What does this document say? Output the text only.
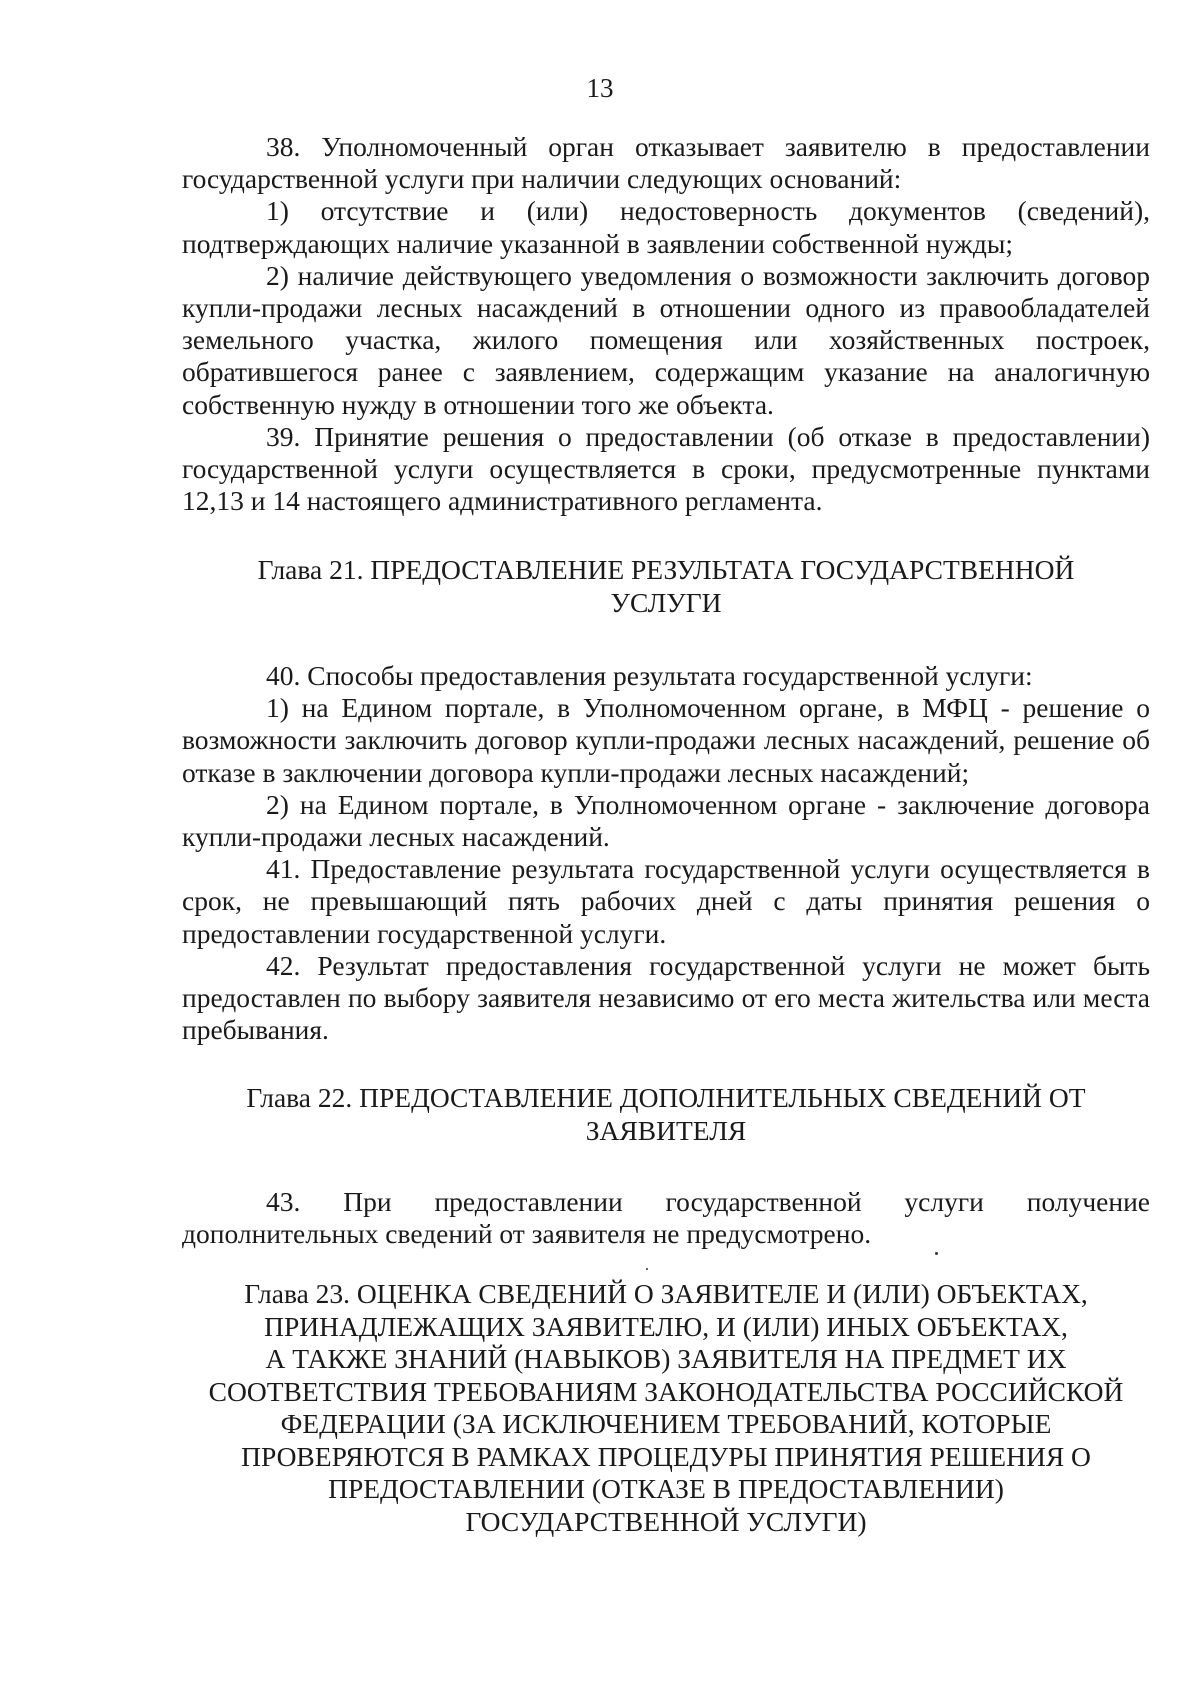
13

38. Уполномоченный орган отказывает заявителю в предоставлении государственной услуги при наличии следующих оснований:

1) отсутствие и (или) недостоверность документов (сведений), подтверждающих наличие указанной в заявлении собственной нужды;

2) наличие действующего уведомления о возможности заключить договор купли-продажи лесных насаждений в отношении одного из правообладателей земельного участка, жилого помещения или хозяйственных построек, обратившегося ранее с заявлением, содержащим указание на аналогичную собственную нужду в отношении того же объекта.

39. Принятие решения о предоставлении (об отказе в предоставлении) государственной услуги осуществляется в сроки, предусмотренные пунктами 12,13 и 14 настоящего административного регламента.

Глава 21. ПРЕДОСТАВЛЕНИЕ РЕЗУЛЬТАТА ГОСУДАРСТВЕННОЙ
УСЛУГИ

40. Способы предоставления результата государственной услуги:

1) на Едином портале, в Уполномоченном органе, в МФЦ - решение о возможности заключить договор купли-продажи лесных насаждений, решение об отказе в заключении договора купли-продажи лесных насаждений;

2) на Едином портале, в Уполномоченном органе - заключение договора купли-продажи лесных насаждений.

41. Предоставление результата государственной услуги осуществляется в срок, не превышающий пять рабочих дней с даты принятия решения о предоставлении государственной услуги.

42. Результат предоставления государственной услуги не может быть предоставлен по выбору заявителя независимо от его места жительства или места пребывания.

Глава 22. ПРЕДОСТАВЛЕНИЕ ДОПОЛНИТЕЛЬНЫХ СВЕДЕНИЙ ОТ
ЗАЯВИТЕЛЯ

43. При предоставлении государственной услуги получение дополнительных сведений от заявителя не предусмотрено.

Глава 23. ОЦЕНКА СВЕДЕНИЙ О ЗАЯВИТЕЛЕ И (ИЛИ) ОБЪЕКТАХ,
ПРИНАДЛЕЖАЩИХ ЗАЯВИТЕЛЮ, И (ИЛИ) ИНЫХ ОБЪЕКТАХ,
А ТАКЖЕ ЗНАНИЙ (НАВЫКОВ) ЗАЯВИТЕЛЯ НА ПРЕДМЕТ ИХ
СООТВЕТСТВИЯ ТРЕБОВАНИЯМ ЗАКОНОДАТЕЛЬСТВА РОССИЙСКОЙ
ФЕДЕРАЦИИ (ЗА ИСКЛЮЧЕНИЕМ ТРЕБОВАНИЙ, КОТОРЫЕ
ПРОВЕРЯЮТСЯ В РАМКАХ ПРОЦЕДУРЫ ПРИНЯТИЯ РЕШЕНИЯ О
ПРЕДОСТАВЛЕНИИ (ОТКАЗЕ В ПРЕДОСТАВЛЕНИИ)
ГОСУДАРСТВЕННОЙ УСЛУГИ)
